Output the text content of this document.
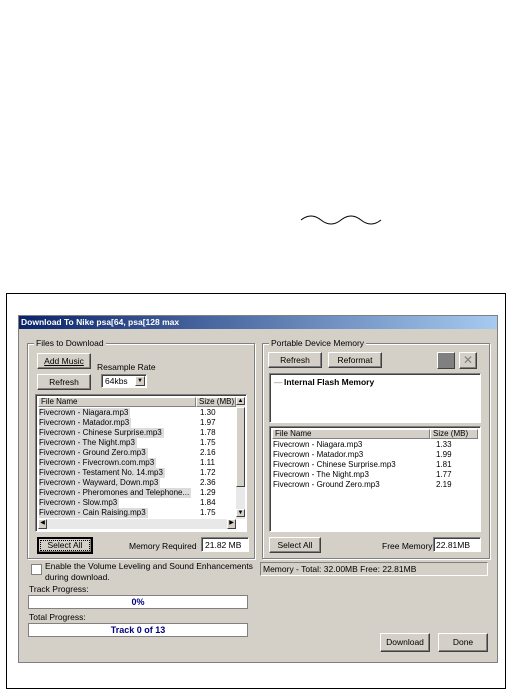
Download To Nike psa[64, psa[128 max
Files to Download
Add Music
Resample Rate
Refresh	64kbs	▼
File Name	Size (MB)
Fivecrown - Niagara.mp3	1.30
Fivecrown - Matador.mp3	1.97
Fivecrown - Chinese Surprise.mp3	1.78
Fivecrown - The Night.mp3	1.75
Fivecrown - Ground Zero.mp3	2.16
Fivecrown - Fivecrown.com.mp3	1.11
Fivecrown - Testament No. 14.mp3	1.72
Fivecrown - Wayward, Down.mp3	2.36
Fivecrown - Pheromones and Telephone... 1.29
Fivecrown - Slow.mp3	1.84
Fivecrown - Cain Raising.mp3	1.75
▲
▼
◀	▶
Select All	Memory Required 21.82 MB
Portable Device Memory
Refresh	Reformat	✕
— Internal Flash Memory
File Name	Size (MB)
Fivecrown - Niagara.mp3	1.33
Fivecrown - Matador.mp3	1.99
Fivecrown - Chinese Surprise.mp3	1.81
Fivecrown - The Night.mp3	1.77
Fivecrown - Ground Zero.mp3	2.19
Select All	Free Memory 22.81MB
Enable the Volume Leveling and Sound Enhancements
during download.
Memory - Total: 32.00MB Free: 22.81MB
Track Progress:
0%
Total Progress:
Track 0 of 13
Download	Done
